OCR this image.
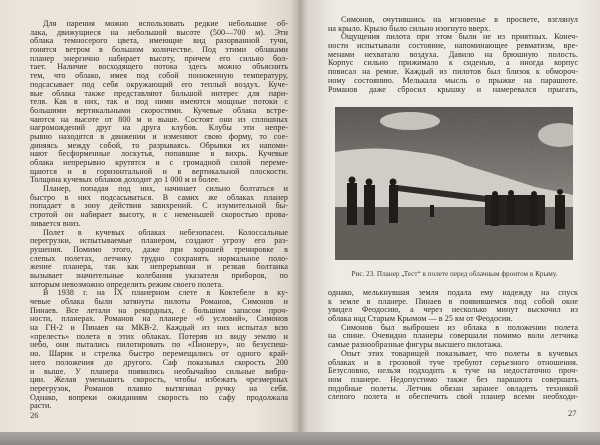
Для парения можно использовать редкие небольшие об-
лака, движущиеся на небольшой высоте (500—700 м). Эти
облака темносерого цвета, имеющие вид разорванной тучи,
гонятся ветром в большом количестве. Под этими облаками
планер энергично набирает высоту, причем его сильно бол-
тает. Наличие восходящего потока здесь можно объяснить
тем, что облако, имея под собой пониженную температуру,
подсасывает под себя окружающий его теплый воздух. Куче-
вые облака также представляют большой интерес для пари-
теля. Как в них, так и под ними имеются мощные потоки с
большими вертикальными скоростями. Кучевые облака встре-
чаются на высоте от 800 м и выше. Состоят они из сплошных
нагромождений друг на друга клубов. Клубы эти непре-
рывно находятся в движении и изменяют свою форму, то сое-
диняясь между собой, то разрываясь. Обрывки их напоми-
нают бесформенные лоскутья, попавшие в вихрь. Кучевые
облака непрерывно крутятся и с громадной силой переме-
щаются и в горизонтальной и в вертикальной плоскости.
Толщина кучевых облаков доходит до 1 000 м и более.
Планер, попадая под них, начинает сильно болтаться и
быстро в них подсасываться. В самих же облаках планер
попадает в зону действия завихрений. С изумительной бы-
стротой он набирает высоту, и с неменьшей скоростью прова-
ливается вниз.
Полет в кучевых облаках небезопасен. Колоссальные
перегрузки, испытываемые планером, создают угрозу его раз-
рушения. Помимо этого, даже при хорошей тренировке в
слепых полетах, летчику трудно сохранять нормальное поло-
жение планера, так как непрерывная и резкая болтанка
вызывает значительные колебания указателя приборов, по
которым невозможно определить режим своего полета.
В 1938 г. на IX планерном слете в Коктебеле в ку-
чевые облака были затянуты пилоты Романов, Симонов и
Пинаев. Все летали на рекордных, с большим запасом проч-
ности, планерах. Романов на планере «6 условий», Симонов
на ГН-2 и Пинаев на МКВ-2. Каждый из них испытал всю
«прелесть» полета в этих облаках. Потеряв из виду землю и
небо, они пытались пилотировать по «Пионеру», но безуспеш-
но. Шарик и стрелка быстро перемещались от одного край-
него положения до другого. Саф показывал скорость 200
и выше. У планера появились необычайно сильные вибра-
ции. Желая уменьшить скорость, чтобы избежать чрезмерных
перегрузок, Романов плавно вытягивал ручку на себя.
Однако, вопреки ожиданиям скорость по сафу продолжала
расти.
26
Симонов, очутившись на мгновенье в просвете, взглянул
на крыло. Крыло было сильно изогнуто вверх.
Ощущения пилота при этом были не из приятных. Конеч-
ности испытывали состояние, напоминающее ревматизм, вре-
менами нехватало воздуха. Давило на брюшную полость.
Корпус сильно прижимало к сиденью, а иногда корпус
повисал на ремне. Каждый из пилотов был близок к обмороч-
ному состоянию. Мелькала мысль о прыжке на парашюте.
Романов даже сбросил крышку и намеревался прыгать,
однако, мелькнувшая земля подала ему надежду на спуск
к земле в планере. Пинаев в появившемся под собой окне
увидел Феодосию, а через несколько минут выскочил из
облака над Старым Крымом — в 25 км от Феодосии.
Симонов был выброшен из облака в положении полета
на спине. Очевидно планеры совершали помимо воли летчика
самые разнообразные фигуры высшего пилотажа.
Опыт этих товарищей показывает, что полеты в кучевых
облаках и в грозовой туче требуют серьезного отношения.
Безусловно, нельзя подходить к туче на недостаточно проч-
ном планере. Недопустимо также без парашюта совершать
подобные полеты. Летчик обязан заранее овладеть техникой
слепого полета и обеспечить свой планер всеми необходи-
27
Рис. 23. Планер „Тест“ в полете перед облачным фронтом в Крыму.
